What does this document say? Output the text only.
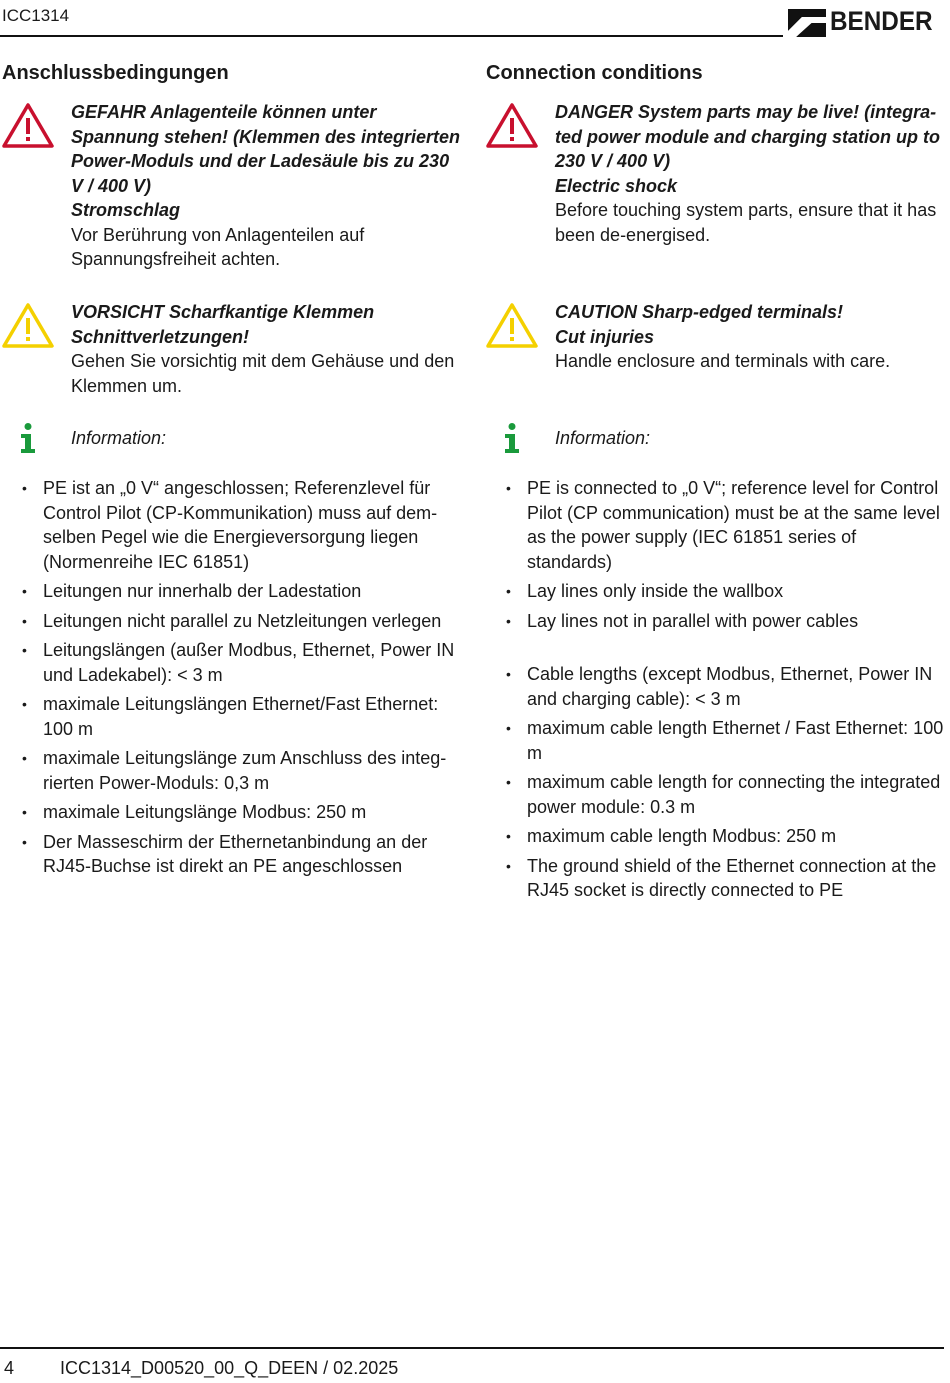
ICC1314	BENDER
Anschlussbedingungen
GEFAHR Anlagenteile können unter Spannung stehen! (Klemmen des integrierten Power-Moduls und der Ladesäule bis zu 230 V / 400 V)
Stromschlag
Vor Berührung von Anlagenteilen auf Spannungsfreiheit achten.
VORSICHT Scharfkantige Klemmen
Schnittverletzungen!
Gehen Sie vorsichtig mit dem Gehäuse und den Klemmen um.
Information:
• PE ist an „0 V“ angeschlossen; Referenzlevel für Control Pilot (CP-Kommunikation) muss auf demselben Pegel wie die Energieversorgung liegen (Normenreihe IEC 61851)
• Leitungen nur innerhalb der Ladestation
• Leitungen nicht parallel zu Netzleitungen verlegen
• Leitungslängen (außer Modbus, Ethernet, Power IN und Ladekabel): < 3 m
• maximale Leitungslängen Ethernet/Fast Ethernet: 100 m
• maximale Leitungslänge zum Anschluss des integrierten Power-Moduls: 0,3 m
• maximale Leitungslänge Modbus: 250 m
• Der Masseschirm der Ethernetanbindung an der RJ45-Buchse ist direkt an PE angeschlossen
Connection conditions
DANGER System parts may be live! (integrated power module and charging station up to 230 V / 400 V)
Electric shock
Before touching system parts, ensure that it has been de-energised.
CAUTION Sharp-edged terminals!
Cut injuries
Handle enclosure and terminals with care.
Information:
• PE is connected to „0 V“; reference level for Control Pilot (CP communication) must be at the same level as the power supply (IEC 61851 series of standards)
• Lay lines only inside the wallbox
• Lay lines not in parallel with power cables
• Cable lengths (except Modbus, Ethernet, Power IN and charging cable): < 3 m
• maximum cable length Ethernet / Fast Ethernet: 100 m
• maximum cable length for connecting the integrated power module: 0.3 m
• maximum cable length Modbus: 250 m
• The ground shield of the Ethernet connection at the RJ45 socket is directly connected to PE
4	ICC1314_D00520_00_Q_DEEN / 02.2025
